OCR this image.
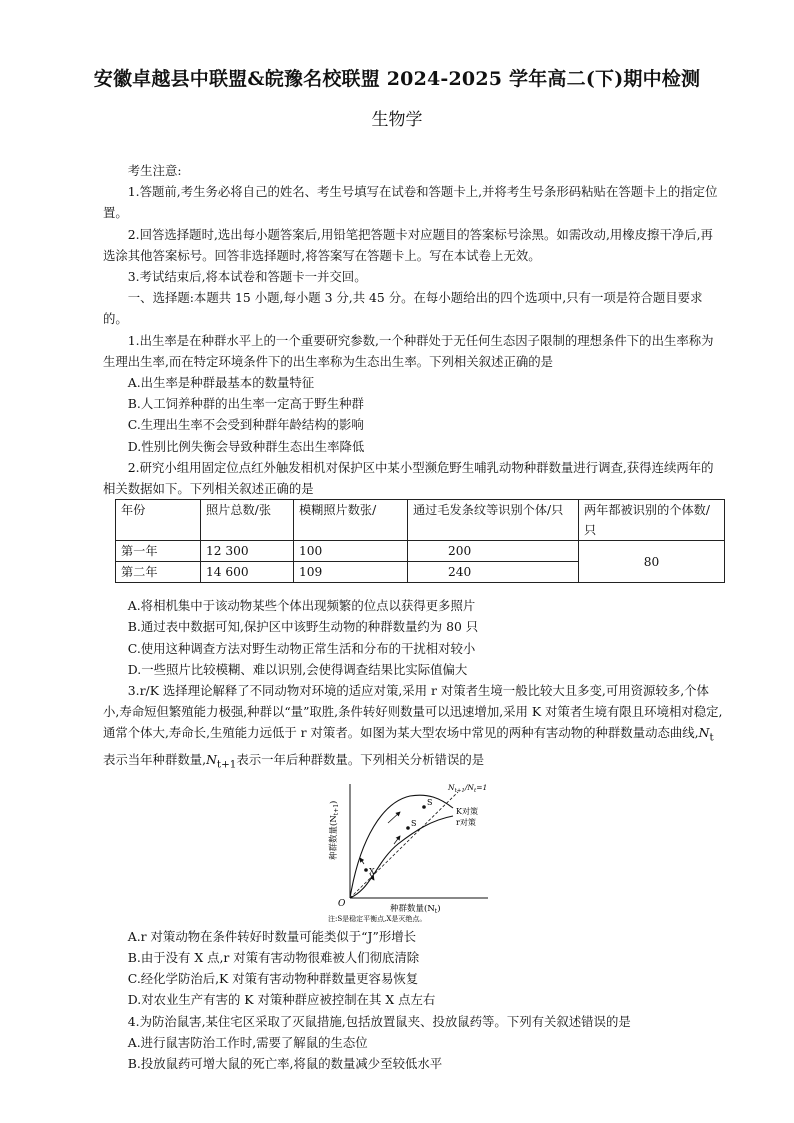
安徽卓越县中联盟&皖豫名校联盟 2024-2025 学年高二(下)期中检测
生物学

考生注意:

1.答题前,考生务必将自己的姓名、考生号填写在试卷和答题卡上,并将考生号条形码粘贴在答题卡上的指定位置。

2.回答选择题时,选出每小题答案后,用铅笔把答题卡对应题目的答案标号涂黑。如需改动,用橡皮擦干净后,再选涂其他答案标号。回答非选择题时,将答案写在答题卡上。写在本试卷上无效。

3.考试结束后,将本试卷和答题卡一并交回。

一、选择题:本题共 15 小题,每小题 3 分,共 45 分。在每小题给出的四个选项中,只有一项是符合题目要求的。

1.出生率是在种群水平上的一个重要研究参数,一个种群处于无任何生态因子限制的理想条件下的出生率称为生理出生率,而在特定环境条件下的出生率称为生态出生率。下列相关叙述正确的是

A.出生率是种群最基本的数量特征

B.人工饲养种群的出生率一定高于野生种群

C.生理出生率不会受到种群年龄结构的影响

D.性别比例失衡会导致种群生态出生率降低

2.研究小组用固定位点红外触发相机对保护区中某小型濒危野生哺乳动物种群数量进行调查,获得连续两年的相关数据如下。下列相关叙述正确的是

年份	照片总数/张	模糊照片数张/	通过毛发条纹等识别个体/只	两年都被识别的个体数/只
第一年	12 300	100	200	80
第二年	14 600	109	240	

A.将相机集中于该动物某些个体出现频繁的位点以获得更多照片

B.通过表中数据可知,保护区中该野生动物的种群数量约为 80 只

C.使用这种调查方法对野生动物正常生活和分布的干扰相对较小

D.一些照片比较模糊、难以识别,会使得调查结果比实际值偏大

3.r/K 选择理论解释了不同动物对环境的适应对策,采用 r 对策者生境一般比较大且多变,可用资源较多,个体小,寿命短但繁殖能力极强,种群以“量”取胜,条件转好则数量可以迅速增加,采用 K 对策者生境有限且环境相对稳定,通常个体大,寿命长,生殖能力远低于 r 对策者。如图为某大型农场中常见的两种有害动物的种群数量动态曲线$,N_t$表示当年种群数量$,N_{t+1}$表示一年后种群数量。下列相关分析错误的是

种群数量$(N_{t+1})$
种群数量$(N_t)$
O
$N_{t+1}/N_t=1$
K对策
r对策
S
S
X
注:S是稳定平衡点,X是灭绝点。

A.r 对策动物在条件转好时数量可能类似于“J”形增长

B.由于没有 X 点,r 对策有害动物很难被人们彻底清除

C.经化学防治后,K 对策有害动物种群数量更容易恢复

D.对农业生产有害的 K 对策种群应被控制在其 X 点左右

4.为防治鼠害,某住宅区采取了灭鼠措施,包括放置鼠夹、投放鼠药等。下列有关叙述错误的是

A.进行鼠害防治工作时,需要了解鼠的生态位

B.投放鼠药可增大鼠的死亡率,将鼠的数量减少至较低水平
